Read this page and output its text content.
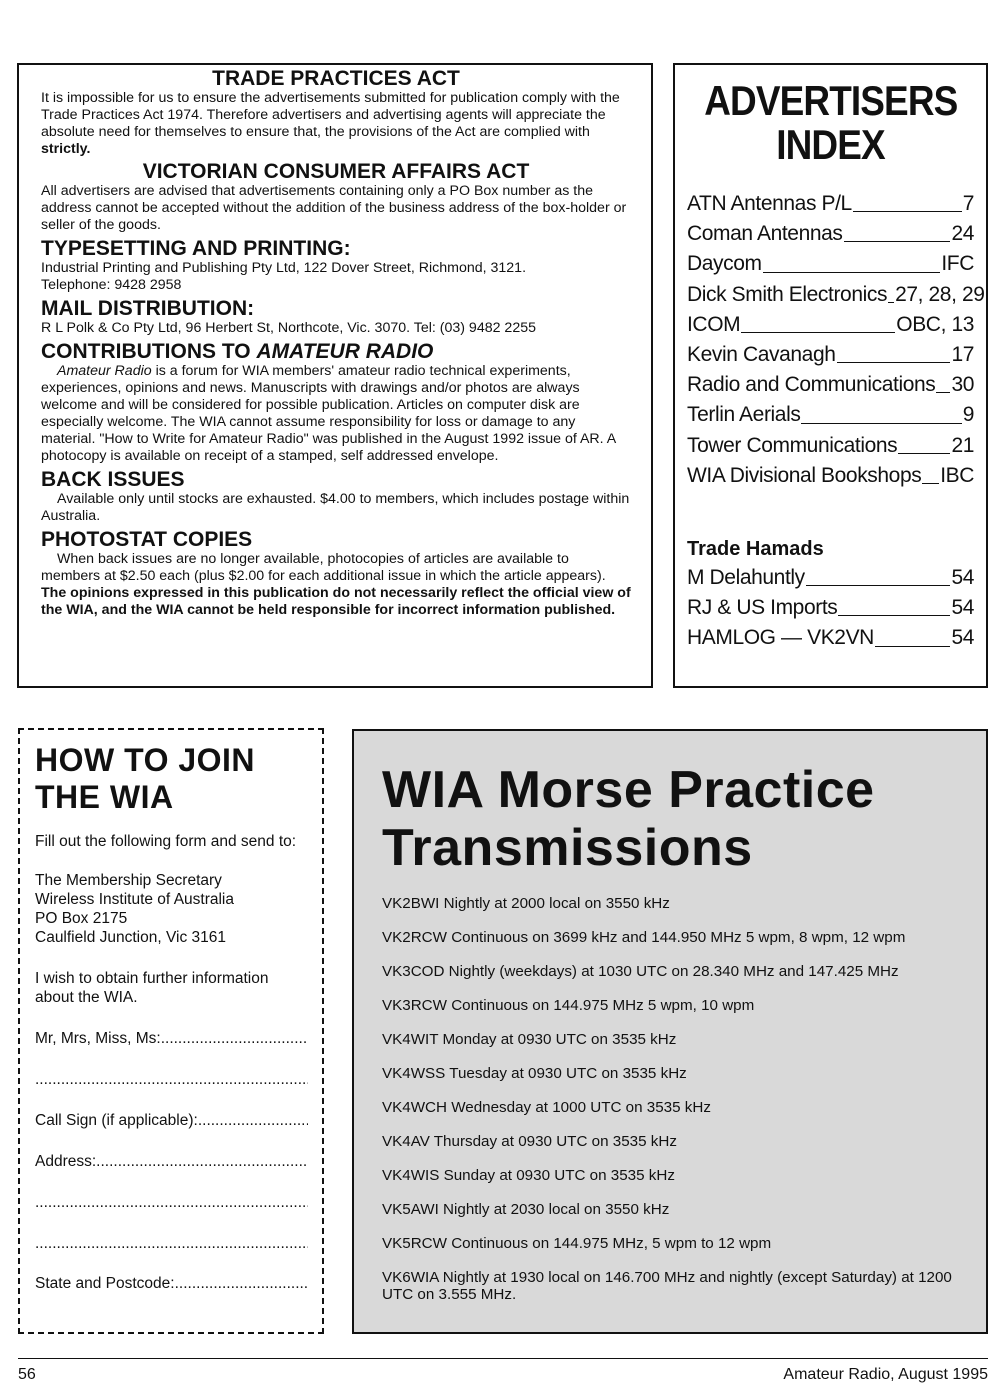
TRADE PRACTICES ACT

It is impossible for us to ensure the advertisements submitted for publication comply with the Trade Practices Act 1974. Therefore advertisers and advertising agents will appreciate the absolute need for themselves to ensure that, the provisions of the Act are complied with strictly.

VICTORIAN CONSUMER AFFAIRS ACT

All advertisers are advised that advertisements containing only a PO Box number as the address cannot be accepted without the addition of the business address of the box-holder or seller of the goods.

TYPESETTING AND PRINTING:

Industrial Printing and Publishing Pty Ltd, 122 Dover Street, Richmond, 3121.

Telephone: 9428 2958

MAIL DISTRIBUTION:

R L Polk & Co Pty Ltd, 96 Herbert St, Northcote, Vic. 3070. Tel: (03) 9482 2255

CONTRIBUTIONS TO AMATEUR RADIO

Amateur Radio is a forum for WIA members' amateur radio technical experiments, experiences, opinions and news. Manuscripts with drawings and/or photos are always welcome and will be considered for possible publication. Articles on computer disk are especially welcome. The WIA cannot assume responsibility for loss or damage to any material. "How to Write for Amateur Radio" was published in the August 1992 issue of AR. A photocopy is available on receipt of a stamped, self addressed envelope.

BACK ISSUES

Available only until stocks are exhausted. $4.00 to members, which includes postage within Australia.

PHOTOSTAT COPIES

When back issues are no longer available, photocopies of articles are available to members at $2.50 each (plus $2.00 for each additional issue in which the article appears).

The opinions expressed in this publication do not necessarily reflect the official view of the WIA, and the WIA cannot be held responsible for incorrect information published.

ADVERTISERS
INDEX
ATN Antennas P/L	7
Coman Antennas	24
Daycom	IFC
Dick Smith Electronics 27, 28, 29
ICOM	OBC, 13
Kevin Cavanagh	17
Radio and Communications 30
Terlin Aerials	9
Tower Communications	21
WIA Divisional Bookshops IBC
Trade Hamads
M Delahuntly	54
RJ & US Imports	54
HAMLOG — VK2VN	54
HOW TO JOIN
THE WIA

Fill out the following form and send to:

The Membership Secretary

Wireless Institute of Australia

PO Box 2175

Caulfield Junction, Vic 3161

I wish to obtain further information about the WIA.

Mr, Mrs, Miss, Ms:
.....
.....
Call Sign (if applicable):
.....
Address:
.....
.....
.....
State and Postcode:
.....
WIA Morse Practice
Transmissions
VK2BWI Nightly at 2000 local on 3550 kHz
VK2RCW Continuous on 3699 kHz and 144.950 MHz 5 wpm, 8 wpm, 12 wpm
VK3COD Nightly (weekdays) at 1030 UTC on 28.340 MHz and 147.425 MHz
VK3RCW Continuous on 144.975 MHz 5 wpm, 10 wpm
VK4WIT Monday at 0930 UTC on 3535 kHz
VK4WSS Tuesday at 0930 UTC on 3535 kHz
VK4WCH Wednesday at 1000 UTC on 3535 kHz
VK4AV Thursday at 0930 UTC on 3535 kHz
VK4WIS Sunday at 0930 UTC on 3535 kHz
VK5AWI Nightly at 2030 local on 3550 kHz
VK5RCW Continuous on 144.975 MHz, 5 wpm to 12 wpm
VK6WIA Nightly at 1930 local on 146.700 MHz and nightly (except Saturday) at 1200 UTC on 3.555 MHz.
56	Amateur Radio, August 1995
